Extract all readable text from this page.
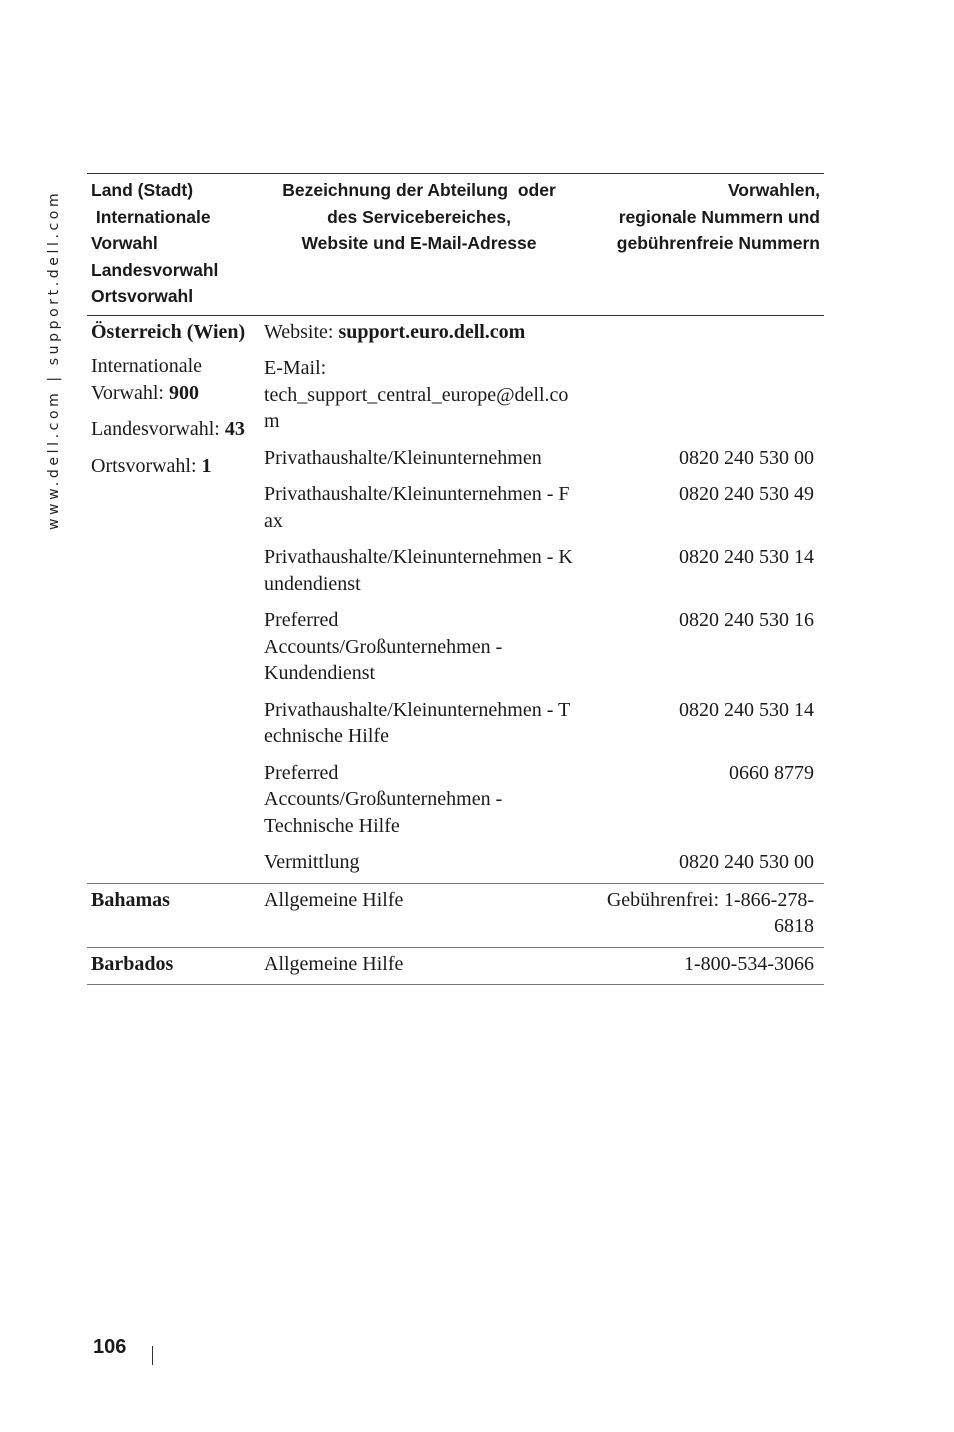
www.dell.com | support.dell.com Land (Stadt)
Internationale
Vorwahl
Landesvorwahl
Ortsvorwahl	Bezeichnung der Abteilung  oder
des Servicebereiches,
Website und E-Mail-Adresse	Vorwahlen,
regionale Nummern und
gebührenfreie Nummern

Österreich (Wien)
Internationale Vorwahl: 900
Landesvorwahl: 43
Ortsvorwahl: 1	Website: support.euro.dell.com	
	E-Mail:
tech_support_central_europe@dell.com	
	Privathaushalte/Kleinunternehmen	0820 240 530 00
	Privathaushalte/Kleinunternehmen - Fax	0820 240 530 49
	Privathaushalte/Kleinunternehmen - Kundendienst	0820 240 530 14
	Preferred Accounts/Großunternehmen - Kundendienst	0820 240 530 16
	Privathaushalte/Kleinunternehmen - Technische Hilfe	0820 240 530 14
	Preferred Accounts/Großunternehmen - Technische Hilfe	0660 8779
	Vermittlung	0820 240 530 00
Bahamas	Allgemeine Hilfe	Gebührenfrei: 1-866-278-6818
Barbados	Allgemeine Hilfe	1-800-534-3066
106
